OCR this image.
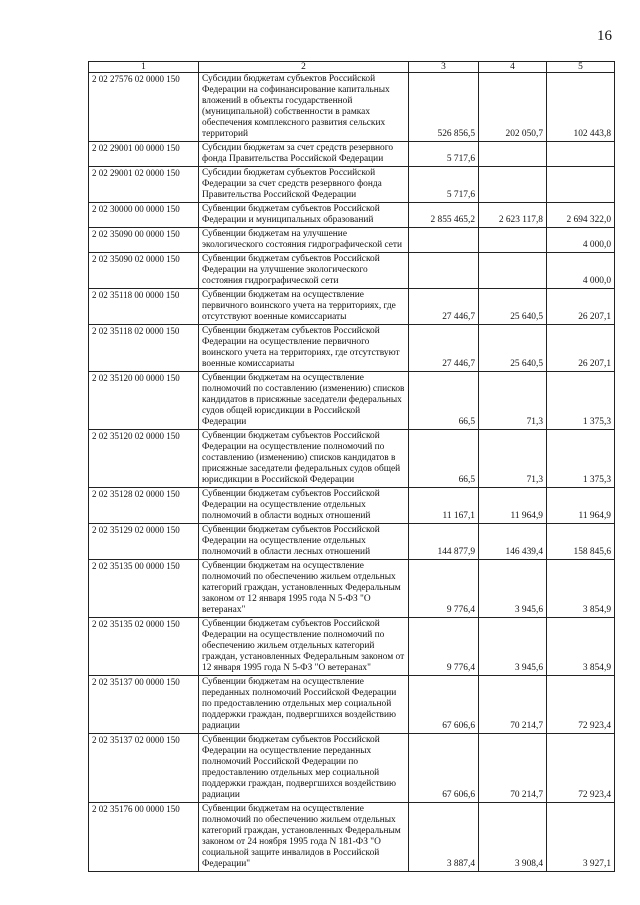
16
1	2	3	4	5
2 02 27576 02 0000 150	Субсидии бюджетам субъектов Российской Федерации на софинансирование капитальных вложений в объекты государственной (муниципальной) собственности в рамках обеспечения комплексного развития сельских территорий	526 856,5	202 050,7	102 443,8
2 02 29001 00 0000 150	Субсидии бюджетам за счет средств резервного фонда Правительства Российской Федерации	5 717,6		
2 02 29001 02 0000 150	Субсидии бюджетам субъектов Российской Федерации за счет средств резервного фонда Правительства Российской Федерации	5 717,6		
2 02 30000 00 0000 150	Субвенции бюджетам субъектов Российской Федерации и муниципальных образований	2 855 465,2	2 623 117,8	2 694 322,0
2 02 35090 00 0000 150	Субвенции бюджетам на улучшение экологического состояния гидрографической сети			4 000,0
2 02 35090 02 0000 150	Субвенции бюджетам субъектов Российской Федерации на улучшение экологического состояния гидрографической сети			4 000,0
2 02 35118 00 0000 150	Субвенции бюджетам на осуществление первичного воинского учета на территориях, где отсутствуют военные комиссариаты	27 446,7	25 640,5	26 207,1
2 02 35118 02 0000 150	Субвенции бюджетам субъектов Российской Федерации на осуществление первичного воинского учета на территориях, где отсутствуют военные комиссариаты	27 446,7	25 640,5	26 207,1
2 02 35120 00 0000 150	Субвенции бюджетам на осуществление полномочий по составлению (изменению) списков кандидатов в присяжные заседатели федеральных судов общей юрисдикции в Российской Федерации	66,5	71,3	1 375,3
2 02 35120 02 0000 150	Субвенции бюджетам субъектов Российской Федерации на осуществление полномочий по составлению (изменению) списков кандидатов в присяжные заседатели федеральных судов общей юрисдикции в Российской Федерации	66,5	71,3	1 375,3
2 02 35128 02 0000 150	Субвенции бюджетам субъектов Российской Федерации на осуществление отдельных полномочий в области водных отношений	11 167,1	11 964,9	11 964,9
2 02 35129 02 0000 150	Субвенции бюджетам субъектов Российской Федерации на осуществление отдельных полномочий в области лесных отношений	144 877,9	146 439,4	158 845,6
2 02 35135 00 0000 150	Субвенции бюджетам на осуществление полномочий по обеспечению жильем отдельных категорий граждан, установленных Федеральным законом от 12 января 1995 года N 5-ФЗ "О ветеранах"	9 776,4	3 945,6	3 854,9
2 02 35135 02 0000 150	Субвенции бюджетам субъектов Российской Федерации на осуществление полномочий по обеспечению жильем отдельных категорий граждан, установленных Федеральным законом от 12 января 1995 года N 5-ФЗ "О ветеранах"	9 776,4	3 945,6	3 854,9
2 02 35137 00 0000 150	Субвенции бюджетам на осуществление переданных полномочий Российской Федерации по предоставлению отдельных мер социальной поддержки граждан, подвергшихся воздействию радиации	67 606,6	70 214,7	72 923,4
2 02 35137 02 0000 150	Субвенции бюджетам субъектов Российской Федерации на осуществление переданных полномочий Российской Федерации по предоставлению отдельных мер социальной поддержки граждан, подвергшихся воздействию радиации	67 606,6	70 214,7	72 923,4
2 02 35176 00 0000 150	Субвенции бюджетам на осуществление полномочий по обеспечению жильем отдельных категорий граждан, установленных Федеральным законом от 24 ноября 1995 года N 181-ФЗ "О социальной защите инвалидов в Российской Федерации"	3 887,4	3 908,4	3 927,1
